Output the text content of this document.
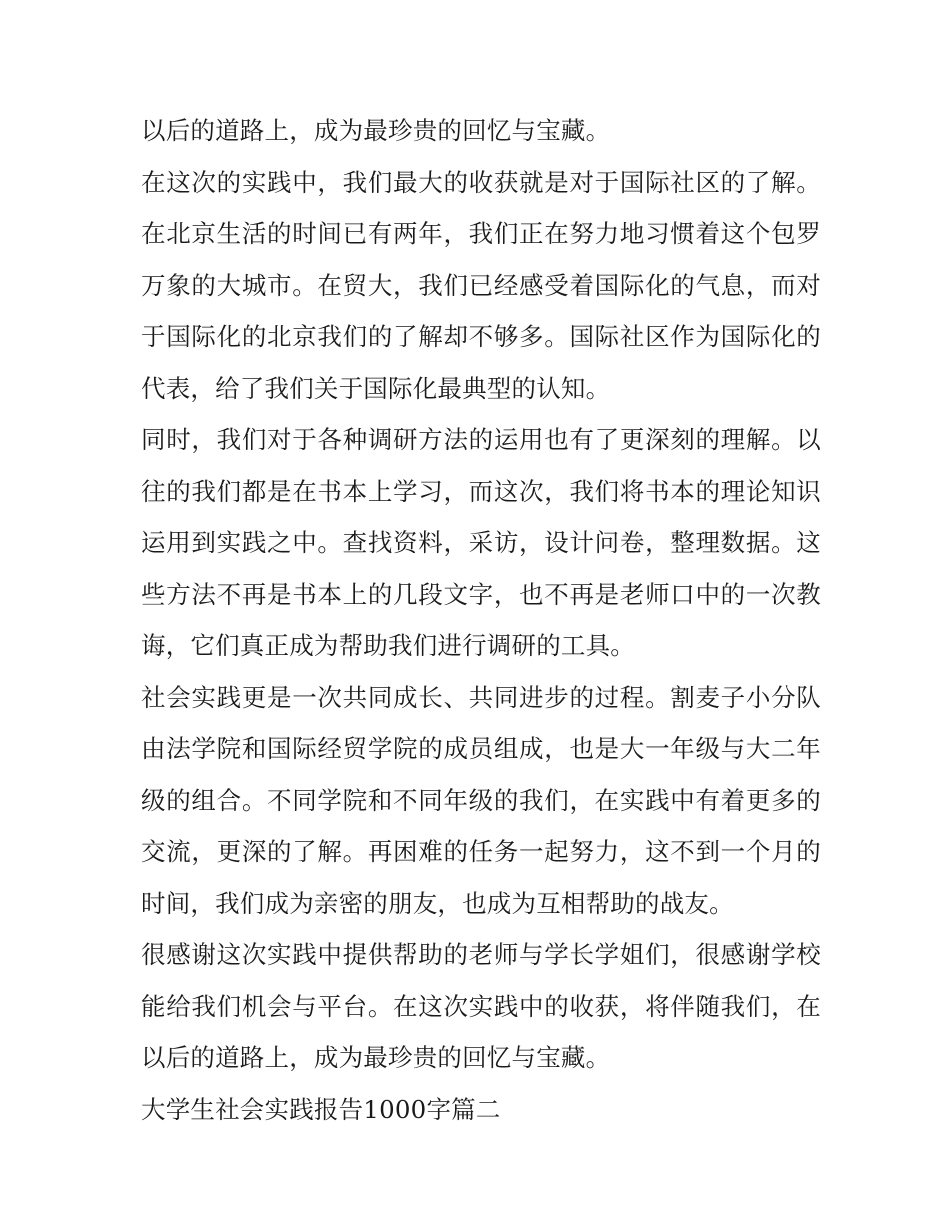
以后的道路上，成为最珍贵的回忆与宝藏。

在这次的实践中，我们最大的收获就是对于国际社区的了解。在北京生活的时间已有两年，我们正在努力地习惯着这个包罗万象的大城市。在贸大，我们已经感受着国际化的气息，而对于国际化的北京我们的了解却不够多。国际社区作为国际化的代表，给了我们关于国际化最典型的认知。

同时，我们对于各种调研方法的运用也有了更深刻的理解。以往的我们都是在书本上学习，而这次，我们将书本的理论知识运用到实践之中。查找资料，采访，设计问卷，整理数据。这些方法不再是书本上的几段文字，也不再是老师口中的一次教诲，它们真正成为帮助我们进行调研的工具。

社会实践更是一次共同成长、共同进步的过程。割麦子小分队由法学院和国际经贸学院的成员组成，也是大一年级与大二年级的组合。不同学院和不同年级的我们，在实践中有着更多的交流，更深的了解。再困难的任务一起努力，这不到一个月的时间，我们成为亲密的朋友，也成为互相帮助的战友。

很感谢这次实践中提供帮助的老师与学长学姐们，很感谢学校能给我们机会与平台。在这次实践中的收获，将伴随我们，在以后的道路上，成为最珍贵的回忆与宝藏。

大学生社会实践报告1000字篇二
